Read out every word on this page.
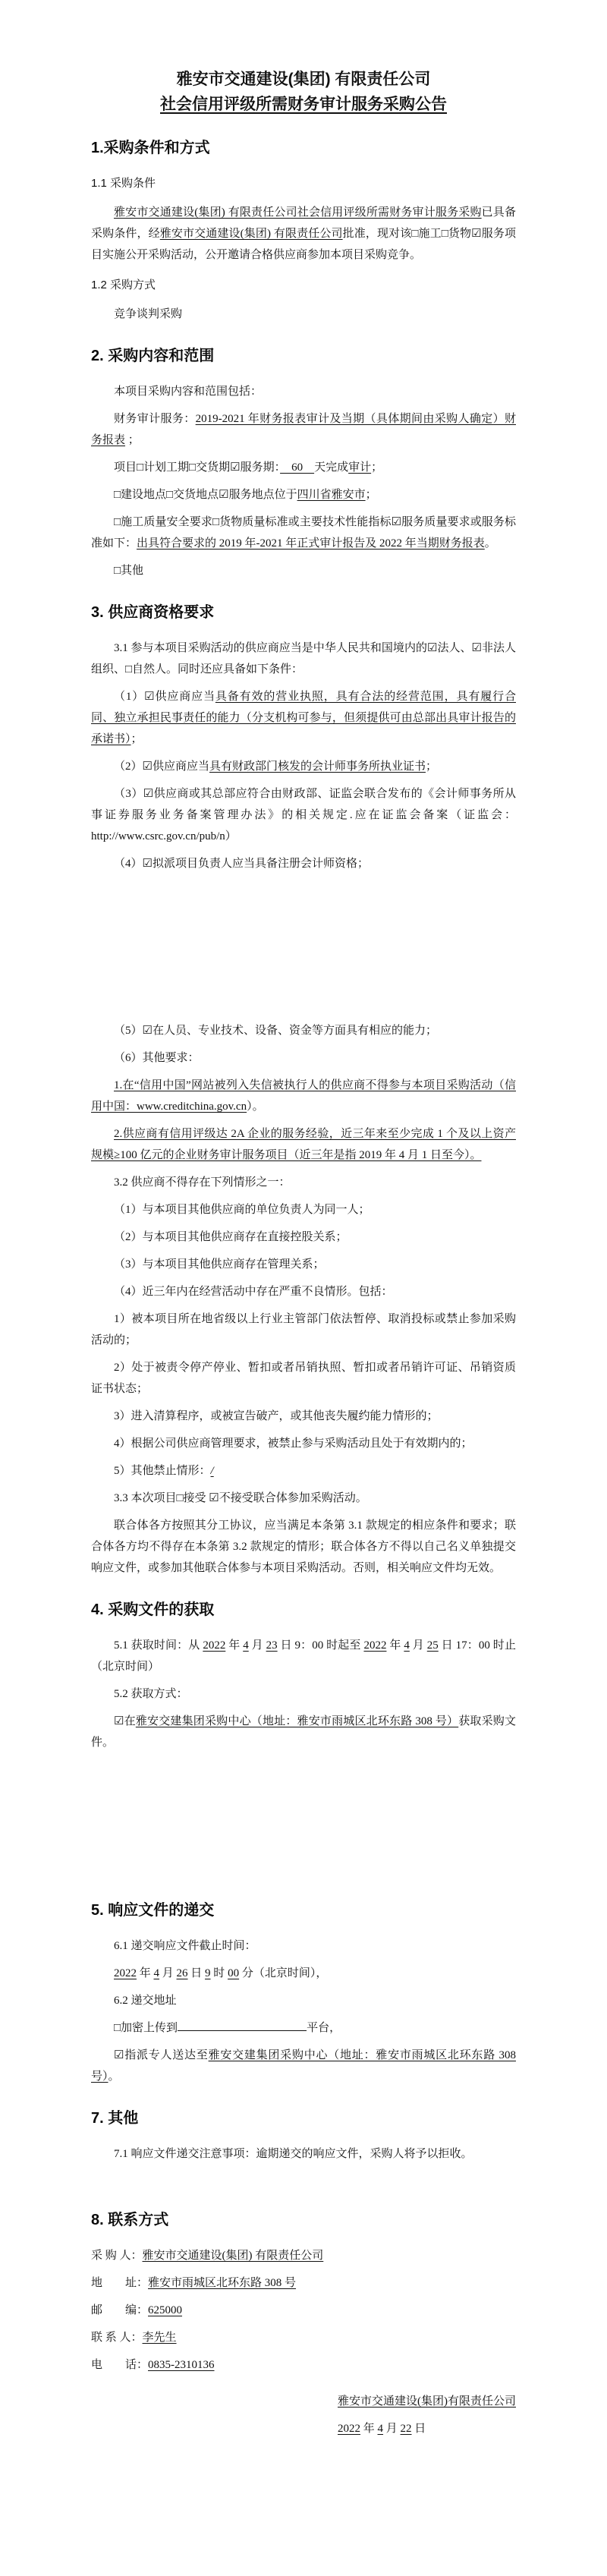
雅安市交通建设(集团) 有限责任公司
社会信用评级所需财务审计服务采购公告
1.采购条件和方式
1.1 采购条件

雅安市交通建设(集团) 有限责任公司社会信用评级所需财务审计服务采购已具备采购条件，经雅安市交通建设(集团) 有限责任公司批准，现对该□施工□货物☑服务项目实施公开采购活动，公开邀请合格供应商参加本项目采购竞争。

1.2 采购方式

竞争谈判采购

2. 采购内容和范围

本项目采购内容和范围包括：

财务审计服务：2019-2021 年财务报表审计及当期（具体期间由采购人确定）财务报表 ；

项目□计划工期□交货期☑服务期：　60　天完成审计；

□建设地点□交货地点☑服务地点位于四川省雅安市；

□施工质量安全要求□货物质量标准或主要技术性能指标☑服务质量要求或服务标准如下：出具符合要求的 2019 年-2021 年正式审计报告及 2022 年当期财务报表。

□其他

3. 供应商资格要求

3.1 参与本项目采购活动的供应商应当是中华人民共和国境内的☑法人、☑非法人组织、□自然人。同时还应具备如下条件：

（1）☑供应商应当具备有效的营业执照，具有合法的经营范围，具有履行合同、独立承担民事责任的能力（分支机构可参与，但须提供可由总部出具审计报告的承诺书）；

（2）☑供应商应当具有财政部门核发的会计师事务所执业证书；

（3）☑供应商或其总部应符合由财政部、证监会联合发布的《会计师事务所从事证券服务业务备案管理办法》的相关规定.应在证监会备案（证监会：http://www.csrc.gov.cn/pub/n）

（4）☑拟派项目负责人应当具备注册会计师资格；

（5）☑在人员、专业技术、设备、资金等方面具有相应的能力；

（6）其他要求：

1.在“信用中国”网站被列入失信被执行人的供应商不得参与本项目采购活动（信用中国：www.creditchina.gov.cn）。

2.供应商有信用评级达 2A 企业的服务经验，近三年来至少完成 1 个及以上资产规模≥100 亿元的企业财务审计服务项目（近三年是指 2019 年 4 月 1 日至今）。

3.2 供应商不得存在下列情形之一：

（1）与本项目其他供应商的单位负责人为同一人；

（2）与本项目其他供应商存在直接控股关系；

（3）与本项目其他供应商存在管理关系；

（4）近三年内在经营活动中存在严重不良情形。包括：

1）被本项目所在地省级以上行业主管部门依法暂停、取消投标或禁止参加采购活动的；

2）处于被责令停产停业、暂扣或者吊销执照、暂扣或者吊销许可证、吊销资质证书状态；

3）进入清算程序，或被宣告破产，或其他丧失履约能力情形的；

4）根据公司供应商管理要求，被禁止参与采购活动且处于有效期内的；

5）其他禁止情形：/

3.3 本次项目□接受 ☑不接受联合体参加采购活动。

联合体各方按照其分工协议，应当满足本条第 3.1 款规定的相应条件和要求；联合体各方均不得存在本条第 3.2 款规定的情形；联合体各方不得以自己名义单独提交响应文件，或参加其他联合体参与本项目采购活动。否则，相关响应文件均无效。

4. 采购文件的获取

5.1 获取时间：从 2022 年 4 月 23 日 9：00 时起至 2022 年 4 月 25 日 17：00 时止（北京时间）

5.2 获取方式：

☑在雅安交建集团采购中心（地址：雅安市雨城区北环东路 308 号）获取采购文件。

5. 响应文件的递交

6.1 递交响应文件截止时间：

2022 年 4 月 26 日 9 时 00 分（北京时间），

6.2 递交地址

□加密上传到	平台，

☑指派专人送达至雅安交建集团采购中心（地址：雅安市雨城区北环东路 308 号）。

7. 其他

7.1 响应文件递交注意事项：逾期递交的响应文件，采购人将予以拒收。

8. 联系方式

采 购 人：雅安市交通建设(集团) 有限责任公司

地　　址：雅安市雨城区北环东路 308 号

邮　　编：625000

联 系 人：李先生

电　　话：0835-2310136

雅安市交通建设(集团)有限责任公司
2022 年 4 月 22 日
